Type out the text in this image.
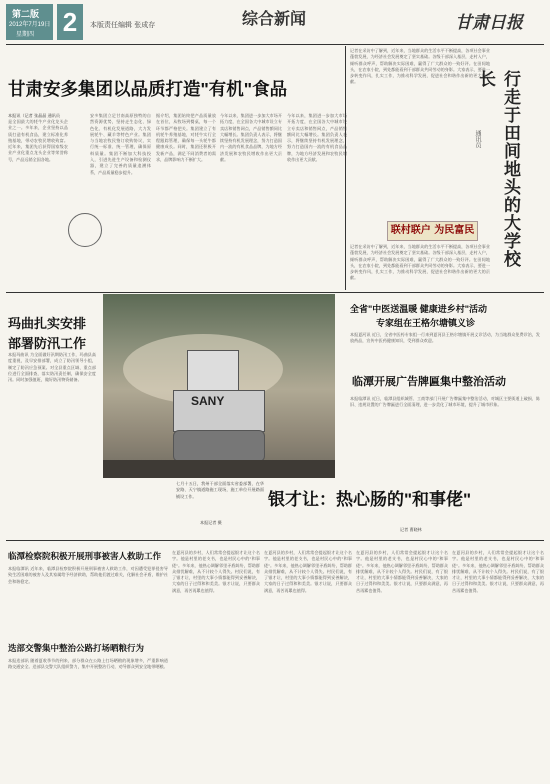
第二版
2012年7月19日
星期四 2	本版责任编辑 张成存	综合新闻	甘肃日报
甘肃安多集团以品质打造"有机"食品
本报讯（记者 张晶晶 通讯员
是全国最大的牦牛产业化龙头企业之一。多年来，企业坚持以品质打造有机食品，建立标准化养殖基地，带动农牧民增收致富。近年来，集团先后获得国家级农业产业化重点龙头企业等荣誉称号，产品远销全国各地。
安多集团立足甘南高原独特的自然资源优势，坚持走生态化、绿色化、有机化发展道路，大力发展牦牛、藏羊等特色产业。集团与当地农牧民签订收购协议，实行统一标准、统一管理，确保原料质量。集团不断加大科技投入，引进先进生产设备和检测仪器，建立了完善的质量追溯体系，产品质量稳步提升。
据介绍，集团始终把产品质量放在首位，从牧场到餐桌，每一个环节都严格把关。集团建立了有机牦牛养殖基地，对牦牛实行全程跟踪管理，确保每一头牦牛都健康成长。同时，集团还积极开发新产品，满足不同消费者的需求，品牌影响力不断扩大。
今年以来，集团进一步加大市场开拓力度，在全国各大中城市设立专卖店和销售网点，产品销售额同比大幅增长。集团负责人表示，将继续坚持有机发展理念，努力打造国内一流的有机食品品牌，为地方经济发展和农牧民增收作出更大贡献。
今年以来，集团进一步加大市场开拓力度，在全国各大中城市设立专卖店和销售网点，产品销售额同比大幅增长。集团负责人表示，将继续坚持有机发展理念，努力打造国内一流的有机食品品牌，为地方经济发展和农牧民增收作出更大贡献。
记者在采访中了解到，近年来，当地群众的生活水平不断提高，各项社会事业蓬勃发展，为经济社会发展奠定了坚实基础。各级干部深入基层，走村入户，倾听群众呼声，帮助解决实际困难，赢得了广大群众的一致好评。在田间地头，在农家小院，到处都能看到干部群众共同劳动的身影。大家表示，要进一步转变作风，扎实工作，为推动科学发展、促进社会和谐作出新的更大的贡献。	行走于田间地头的大学校长
通讯员
联村联户 为民富民
记者在采访中了解到，近年来，当地群众的生活水平不断提高，各项社会事业蓬勃发展，为经济社会发展奠定了坚实基础。各级干部深入基层，走村入户，倾听群众呼声，帮助解决实际困难，赢得了广大群众的一致好评。在田间地头，在农家小院，到处都能看到干部群众共同劳动的身影。大家表示，要进一步转变作风，扎实工作，为推动科学发展、促进社会和谐作出新的更大的贡献。
玛曲扎实安排
部署防汛工作
本报玛曲讯 为全面做好汛期防汛工作，玛曲县高度重视，及早安排部署，成立了防汛领导小组，制定了防汛应急预案。对全县重点区域、重点部位进行全面排查，落实防汛责任制，确保安全度汛。同时加强值班，做好防汛物资储备。
SANY
七月十五日，我州干部全面落实省委部署，在华安路、天宁镇道路施工现场，施工单位开展路面铺设工作。
本报记者 摄
全省"中医送温暖 健康进乡村"活动
专家组在王格尔塘镇义诊
本报夏河讯 近日，全省中医药专家组一行来到夏河县王格尔塘镇开展义诊活动，为当地群众免费诊治，发放药品，宣传中医药健康知识，受到群众欢迎。
临潭开展广告牌匾集中整治活动
本报临潭讯 近日，临潭县组织城管、工商等部门开展广告牌匾集中整治活动，对城区主要街道上破损、陈旧、违规设置的广告牌匾进行全面清理，进一步美化了城市环境，提升了城市形象。
银才让：热心肠的"和事佬"
记者 曹晓林
临潭检察院积极开展刑事被害人救助工作
本报临潭讯 近年来，临潭县检察院积极开展刑事被害人救助工作，对因遭受犯罪侵害导致生活困难的被害人及其家属给予经济救助，帮助他们渡过难关，化解社会矛盾，维护社会和谐稳定。
迭部交警集中整治公路打场晒粮行为
本报迭部讯 随着夏收季节的到来，部分群众在公路上打场晒粮的现象增多，严重影响道路交通安全。迭部县交警大队组织警力，集中开展整治行动，劝导群众到安全地带晒粮。
在夏河县的乡村，人们常常会提起银才让这个名字。他是村里的老支书，也是村民心中的"和事佬"。多年来，他热心调解邻里矛盾纠纷，帮助群众排忧解难，从不计较个人得失。村民们说，有了银才让，村里的大事小情都能得到妥善解决，大家的日子过得和和美美。银才让说，只要群众满意，再苦再累也值得。
在夏河县的乡村，人们常常会提起银才让这个名字。他是村里的老支书，也是村民心中的"和事佬"。多年来，他热心调解邻里矛盾纠纷，帮助群众排忧解难，从不计较个人得失。村民们说，有了银才让，村里的大事小情都能得到妥善解决，大家的日子过得和和美美。银才让说，只要群众满意，再苦再累也值得。
在夏河县的乡村，人们常常会提起银才让这个名字。他是村里的老支书，也是村民心中的"和事佬"。多年来，他热心调解邻里矛盾纠纷，帮助群众排忧解难，从不计较个人得失。村民们说，有了银才让，村里的大事小情都能得到妥善解决，大家的日子过得和和美美。银才让说，只要群众满意，再苦再累也值得。
在夏河县的乡村，人们常常会提起银才让这个名字。他是村里的老支书，也是村民心中的"和事佬"。多年来，他热心调解邻里矛盾纠纷，帮助群众排忧解难，从不计较个人得失。村民们说，有了银才让，村里的大事小情都能得到妥善解决，大家的日子过得和和美美。银才让说，只要群众满意，再苦再累也值得。
